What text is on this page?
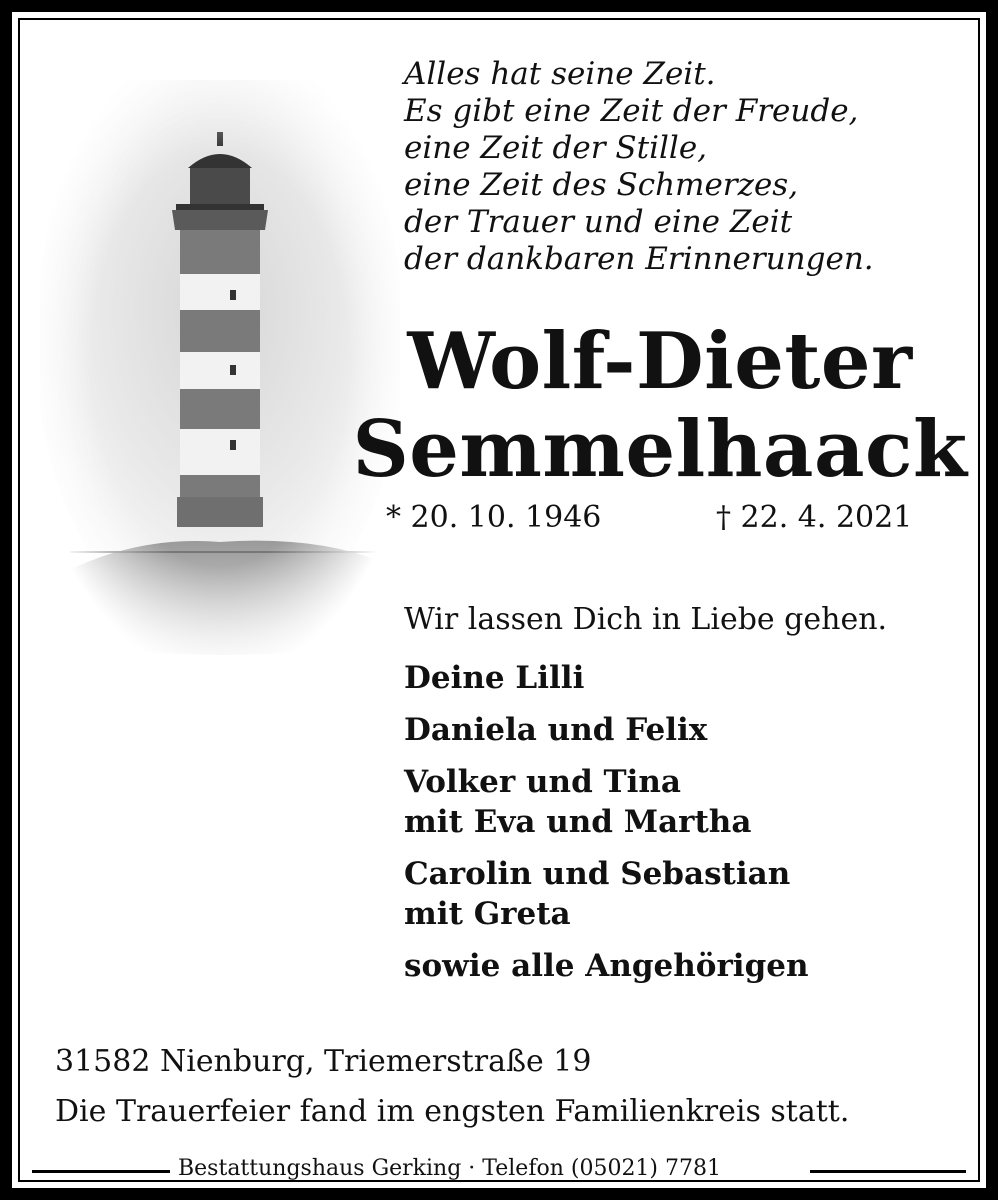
Alles hat seine Zeit.
Es gibt eine Zeit der Freude,
eine Zeit der Stille,
eine Zeit des Schmerzes,
der Trauer und eine Zeit
der dankbaren Erinnerungen.
Wolf-Dieter
Semmelhaack
* 20. 10. 1946	† 22. 4. 2021
Wir lassen Dich in Liebe gehen.
Deine Lilli
Daniela und Felix
Volker und Tina
mit Eva und Martha
Carolin und Sebastian
mit Greta
sowie alle Angehörigen
31582 Nienburg, Triemerstraße 19
Die Trauerfeier fand im engsten Familienkreis statt.
Bestattungshaus Gerking · Telefon (05021) 7781
